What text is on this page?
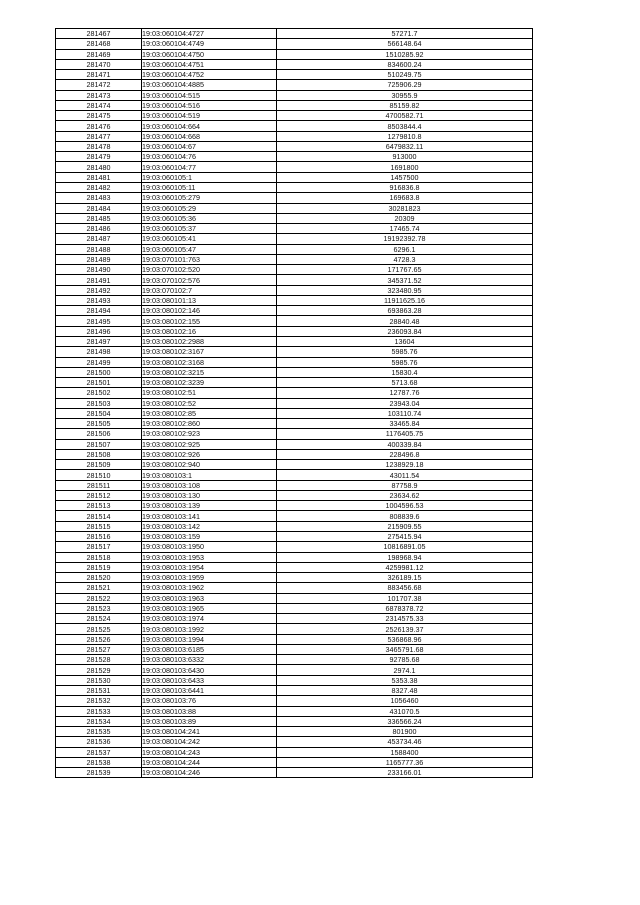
281467	19:03:060104:4727	57271.7
281468	19:03:060104:4749	566148.64
281469	19:03:060104:4750	1510285.92
281470	19:03:060104:4751	834600.24
281471	19:03:060104:4752	510249.75
281472	19:03:060104:4885	725906.29
281473	19:03:060104:515	30955.9
281474	19:03:060104:516	85159.82
281475	19:03:060104:519	4700582.71
281476	19:03:060104:664	8503844.4
281477	19:03:060104:668	1279810.8
281478	19:03:060104:67	6479832.11
281479	19:03:060104:76	913000
281480	19:03:060104:77	1691800
281481	19:03:060105:1	1457500
281482	19:03:060105:11	916836.8
281483	19:03:060105:279	169683.8
281484	19:03:060105:29	30281823
281485	19:03:060105:36	20309
281486	19:03:060105:37	17465.74
281487	19:03:060105:41	19192392.78
281488	19:03:060105:47	6296.1
281489	19:03:070101:763	4728.3
281490	19:03:070102:520	171767.65
281491	19:03:070102:576	345371.52
281492	19:03:070102:7	323480.95
281493	19:03:080101:13	11911625.16
281494	19:03:080102:146	693863.28
281495	19:03:080102:155	28840.48
281496	19:03:080102:16	236093.84
281497	19:03:080102:2988	13604
281498	19:03:080102:3167	5985.76
281499	19:03:080102:3168	5985.76
281500	19:03:080102:3215	15830.4
281501	19:03:080102:3239	5713.68
281502	19:03:080102:51	12787.76
281503	19:03:080102:52	23943.04
281504	19:03:080102:85	103110.74
281505	19:03:080102:860	33465.84
281506	19:03:080102:923	1176405.75
281507	19:03:080102:925	400339.84
281508	19:03:080102:926	228496.8
281509	19:03:080102:940	1238929.18
281510	19:03:080103:1	43011.54
281511	19:03:080103:108	87758.9
281512	19:03:080103:130	23634.62
281513	19:03:080103:139	1004596.53
281514	19:03:080103:141	808839.6
281515	19:03:080103:142	215909.55
281516	19:03:080103:159	275415.94
281517	19:03:080103:1950	10816891.05
281518	19:03:080103:1953	198968.94
281519	19:03:080103:1954	4259981.12
281520	19:03:080103:1959	326189.15
281521	19:03:080103:1962	883456.68
281522	19:03:080103:1963	101707.38
281523	19:03:080103:1965	6878378.72
281524	19:03:080103:1974	2314575.33
281525	19:03:080103:1992	2526139.37
281526	19:03:080103:1994	536868.96
281527	19:03:080103:6185	3465791.68
281528	19:03:080103:6332	92785.68
281529	19:03:080103:6430	2974.1
281530	19:03:080103:6433	5353.38
281531	19:03:080103:6441	8327.48
281532	19:03:080103:76	1056460
281533	19:03:080103:88	431070.5
281534	19:03:080103:89	336566.24
281535	19:03:080104:241	801900
281536	19:03:080104:242	453734.46
281537	19:03:080104:243	1588400
281538	19:03:080104:244	1165777.36
281539	19:03:080104:246	233166.01
